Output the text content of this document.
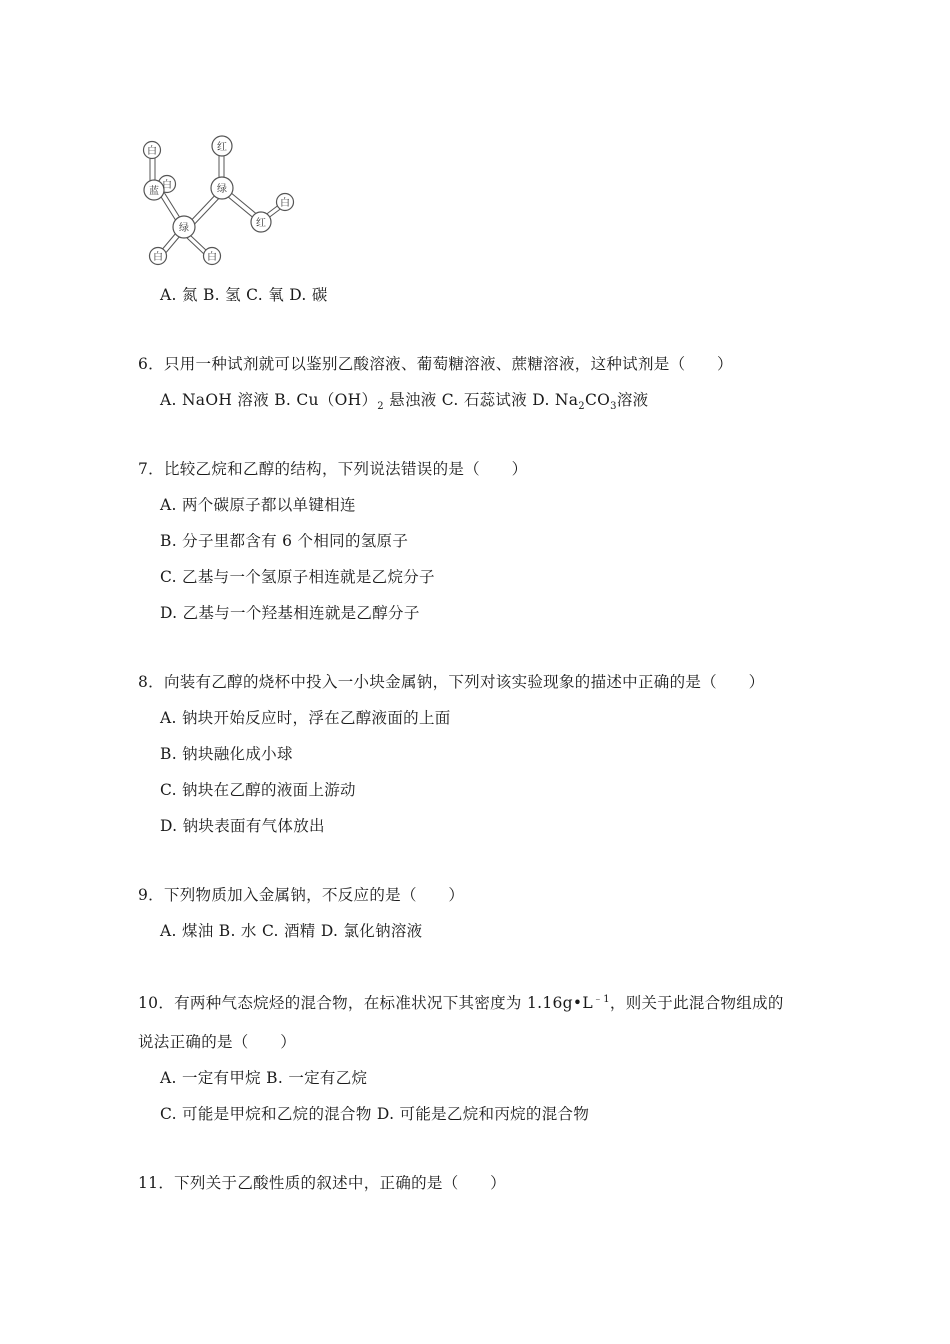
白
白
蓝
绿
白	白
红
绿
红
白
A. 氮 B. 氢 C. 氧 D. 碳
6．只用一种试剂就可以鉴别乙酸溶液、葡萄糖溶液、蔗糖溶液，这种试剂是（　　）
A. NaOH 溶液 B. $Cu(OH)_2$ 悬浊液 C. 石蕊试液 D. $Na_2CO_3$溶液
7．比较乙烷和乙醇的结构，下列说法错误的是（　　）
A. 两个碳原子都以单键相连
B. 分子里都含有 6 个相同的氢原子
C. 乙基与一个氢原子相连就是乙烷分子
D. 乙基与一个羟基相连就是乙醇分子
8．向装有乙醇的烧杯中投入一小块金属钠，下列对该实验现象的描述中正确的是（　　）
A. 钠块开始反应时，浮在乙醇液面的上面
B. 钠块融化成小球
C. 钠块在乙醇的液面上游动
D. 钠块表面有气体放出
9．下列物质加入金属钠，不反应的是（　　）
A. 煤油 B. 水 C. 酒精 D. 氯化钠溶液
10．有两种气态烷烃的混合物，在标准状况下其密度为 $1.16g•L^{﹣1}$，则关于此混合物组成的
说法正确的是（　　）
A. 一定有甲烷 B. 一定有乙烷
C. 可能是甲烷和乙烷的混合物 D. 可能是乙烷和丙烷的混合物
11．下列关于乙酸性质的叙述中，正确的是（　　）
